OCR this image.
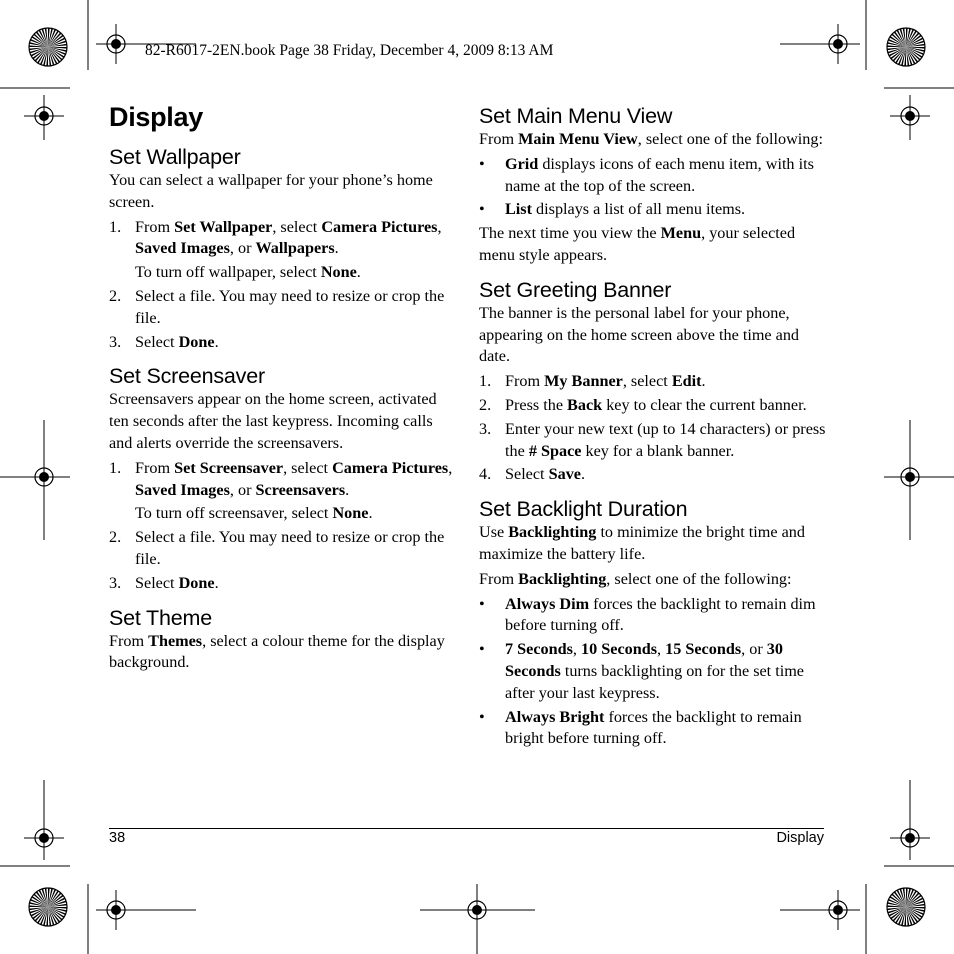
82-R6017-2EN.book Page 38 Friday, December 4, 2009 8:13 AM
Display
Set Wallpaper

You can select a wallpaper for your phone’s home screen.

1. From Set Wallpaper, select Camera Pictures, Saved Images, or Wallpapers.
To turn off wallpaper, select None.
2. Select a file. You may need to resize or crop the file.
3. Select Done.
Set Screensaver

Screensavers appear on the home screen, activated ten seconds after the last keypress. Incoming calls and alerts override the screensavers.

1. From Set Screensaver, select Camera Pictures, Saved Images, or Screensavers.
To turn off screensaver, select None.
2. Select a file. You may need to resize or crop the file.
3. Select Done.
Set Theme

From Themes, select a colour theme for the display background.

Set Main Menu View

From Main Menu View, select one of the following:

• Grid displays icons of each menu item, with its name at the top of the screen.
• List displays a list of all menu items.

The next time you view the Menu, your selected menu style appears.

Set Greeting Banner

The banner is the personal label for your phone, appearing on the home screen above the time and date.

1. From My Banner, select Edit.
2. Press the Back key to clear the current banner.
3. Enter your new text (up to 14 characters) or press the # Space key for a blank banner.
4. Select Save.
Set Backlight Duration

Use Backlighting to minimize the bright time and maximize the battery life.

From Backlighting, select one of the following:

• Always Dim forces the backlight to remain dim before turning off.
• 7 Seconds, 10 Seconds, 15 Seconds, or 30 Seconds turns backlighting on for the set time after your last keypress.
• Always Bright forces the backlight to remain bright before turning off.
38	Display
